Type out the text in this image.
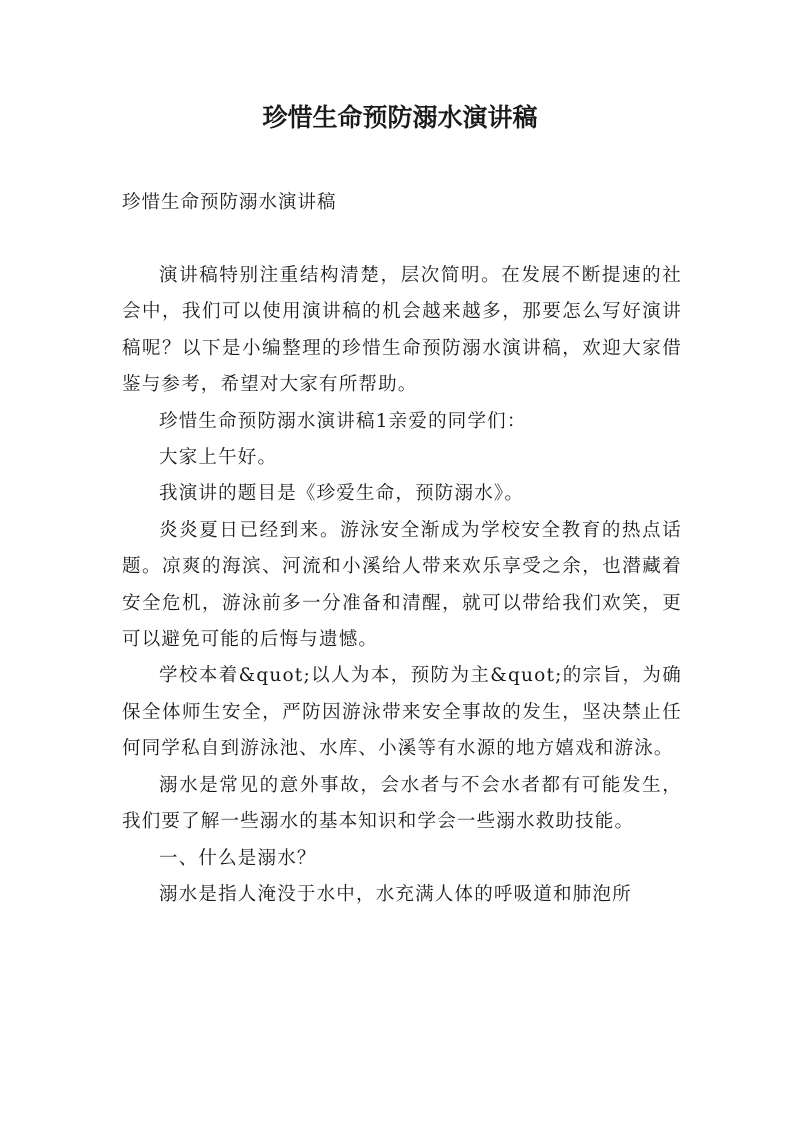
珍惜生命预防溺水演讲稿

珍惜生命预防溺水演讲稿

演讲稿特别注重结构清楚，层次简明。在发展不断提速的社会中，我们可以使用演讲稿的机会越来越多，那要怎么写好演讲稿呢？以下是小编整理的珍惜生命预防溺水演讲稿，欢迎大家借鉴与参考，希望对大家有所帮助。

珍惜生命预防溺水演讲稿1亲爱的同学们：

大家上午好。

我演讲的题目是《珍爱生命，预防溺水》。

炎炎夏日已经到来。游泳安全渐成为学校安全教育的热点话题。凉爽的海滨、河流和小溪给人带来欢乐享受之余，也潜藏着安全危机，游泳前多一分准备和清醒，就可以带给我们欢笑，更可以避免可能的后悔与遗憾。

学校本着&quot;以人为本，预防为主&quot;的宗旨，为确保全体师生安全，严防因游泳带来安全事故的发生，坚决禁止任何同学私自到游泳池、水库、小溪等有水源的地方嬉戏和游泳。

溺水是常见的意外事故，会水者与不会水者都有可能发生，我们要了解一些溺水的基本知识和学会一些溺水救助技能。

一、什么是溺水？

溺水是指人淹没于水中，水充满人体的呼吸道和肺泡所
